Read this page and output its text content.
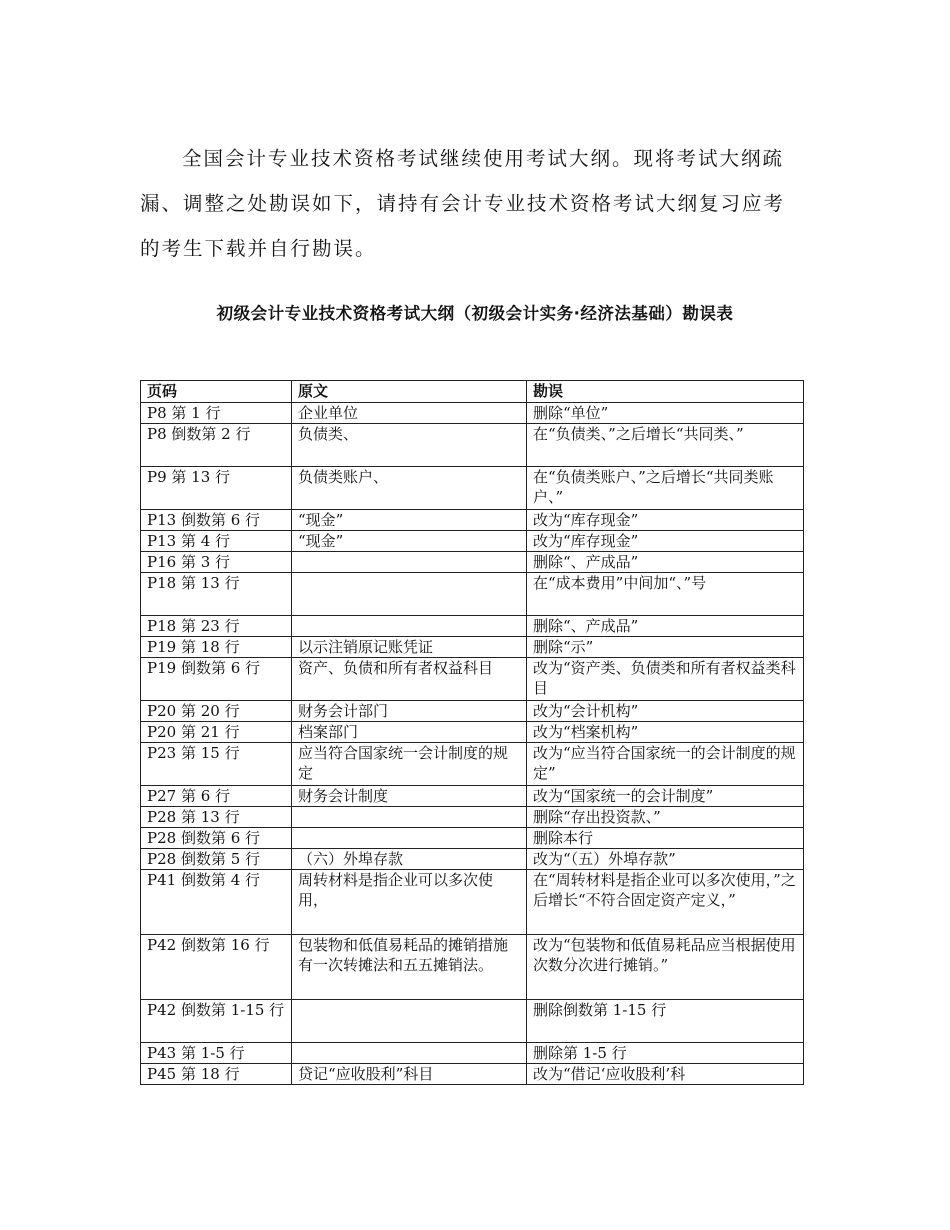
全国会计专业技术资格考试继续使用考试大纲。现将考试大纲疏漏、调整之处勘误如下，请持有会计专业技术资格考试大纲复习应考的考生下载并自行勘误。

初级会计专业技术资格考试大纲（初级会计实务·经济法基础）勘误表
页码	原文	勘误
P8 第 1 行	企业单位	删除“单位”
P8 倒数第 2 行	负债类、	在“负债类、”之后增长“共同类、”
P9 第 13 行	负债类账户、	在“负债类账户、”之后增长“共同类账户、”
P13 倒数第 6 行	“现金”	改为“库存现金”
P13 第 4 行	“现金”	改为“库存现金”
P16 第 3 行		删除“、产成品”
P18 第 13 行		在“成本费用”中间加“、”号
P18 第 23 行		删除“、产成品”
P19 第 18 行	以示注销原记账凭证	删除“示”
P19 倒数第 6 行	资产、负债和所有者权益科目	改为“资产类、负债类和所有者权益类科目
P20 第 20 行	财务会计部门	改为“会计机构”
P20 第 21 行	档案部门	改为“档案机构”
P23 第 15 行	应当符合国家统一会计制度的规定	改为“应当符合国家统一的会计制度的规定”
P27 第 6 行	财务会计制度	改为“国家统一的会计制度”
P28 第 13 行		删除“存出投资款、”
P28 倒数第 6 行		删除本行
P28 倒数第 5 行	（六）外埠存款	改为“（五）外埠存款”
P41 倒数第 4 行	周转材料是指企业可以多次使用，	在“周转材料是指企业可以多次使用，”之后增长“不符合固定资产定义，”
P42 倒数第 16 行	包装物和低值易耗品的摊销措施有一次转摊法和五五摊销法。	改为“包装物和低值易耗品应当根据使用次数分次进行摊销。”
P42 倒数第 1-15 行		删除倒数第 1-15 行
P43 第 1-5 行		删除第 1-5 行
P45 第 18 行	贷记“应收股利”科目	改为“借记‘应收股利’科
